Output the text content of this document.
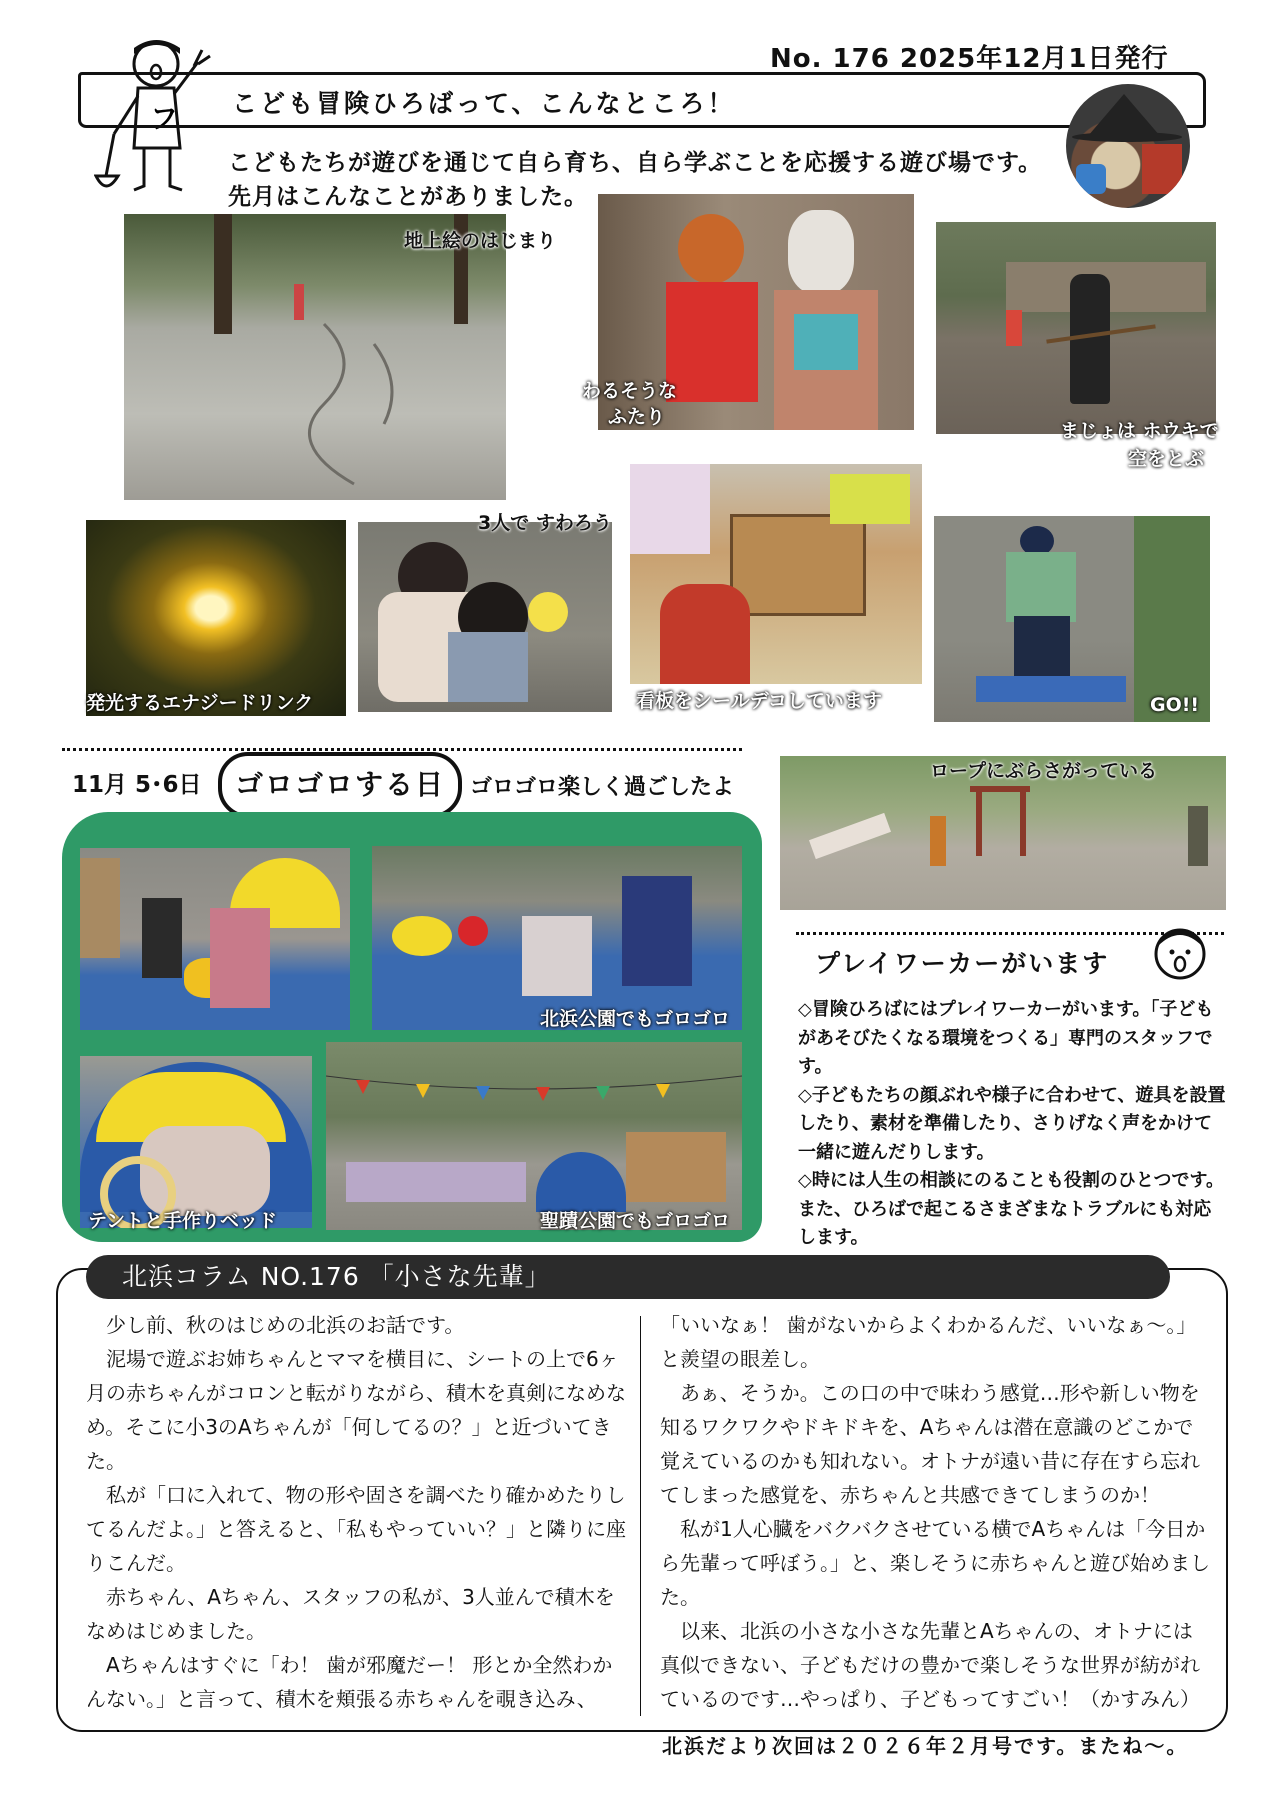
No. 176 2025年12月1日発行
フ こども冒険ひろばって、こんなところ！
こどもたちが遊びを通じて自ら育ち、自ら学ぶことを応援する遊び場です。
先月はこんなことがありました。
地上絵のはじまり
わるそうな
ふたり
まじょは ホウキで
空をとぶ
発光するエナジードリンク
3人で すわろう
看板をシールデコしています	GO!!
11月 5･6日	ゴロゴロする日	ゴロゴロ楽しく過ごしたよ
北浜公園でもゴロゴロ
テントと手作りベッド	聖蹟公園でもゴロゴロ
ロープにぶらさがっている
プレイワーカーがいます

◇冒険ひろばにはプレイワーカーがいます。「子どもがあそびたくなる環境をつくる」専門のスタッフです。

◇子どもたちの顔ぶれや様子に合わせて、遊具を設置したり、素材を準備したり、さりげなく声をかけて一緒に遊んだりします。

◇時には人生の相談にのることも役割のひとつです。また、ひろばで起こるさまざまなトラブルにも対応します。

北浜コラム NO.176 「小さな先輩」

　少し前、秋のはじめの北浜のお話です。

　泥場で遊ぶお姉ちゃんとママを横目に、シートの上で6ヶ月の赤ちゃんがコロンと転がりながら、積木を真剣になめなめ。そこに小3のAちゃんが「何してるの？」と近づいてきた。

　私が「口に入れて、物の形や固さを調べたり確かめたりしてるんだよ。」と答えると、「私もやっていい？」と隣りに座りこんだ。

　赤ちゃん、Aちゃん、スタッフの私が、3人並んで積木をなめはじめました。

　Aちゃんはすぐに「わ！ 歯が邪魔だー！ 形とか全然わかんない。」と言って、積木を頬張る赤ちゃんを覗き込み、

「いいなぁ！ 歯がないからよくわかるんだ、いいなぁ～。」と羨望の眼差し。

　あぁ、そうか。この口の中で味わう感覚…形や新しい物を知るワクワクやドキドキを、Aちゃんは潜在意識のどこかで覚えているのかも知れない。オトナが遠い昔に存在すら忘れてしまった感覚を、赤ちゃんと共感できてしまうのか！

　私が1人心臓をバクバクさせている横でAちゃんは「今日から先輩って呼ぼう。」と、楽しそうに赤ちゃんと遊び始めました。

　以来、北浜の小さな小さな先輩とAちゃんの、オトナには真似できない、子どもだけの豊かで楽しそうな世界が紡がれているのです…やっぱり、子どもってすごい！（かすみん）

北浜だより次回は２０２６年２月号です。またね～。
